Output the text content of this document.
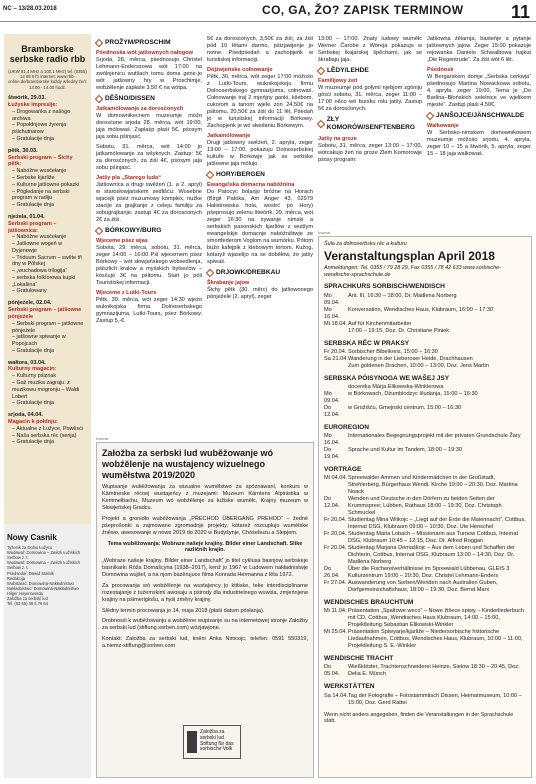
NC – 13/28.03.2018	CO, GA, ŽO? ZAPISK TERMINOW	11
Bramborske serbske radio rbb
(UKW 91,4 MHz a 100,1 MHz) tel. (0355) 14 99 671 internet: www.rbb-online.de/bramborske kuždy wšedny źeń: 13.00 - 14.00 hodź.
štwórtk, 29.03.
Łužyske impresije:
– Drogowańka z našogo archiwa
– Popołdnjowe źyrenja pśichutnarow
– Gratulacije dnja
pětk, 30.03.
Serbski program – Śichy pětk:
– Nabóžne wusćełanje
– Serbske kjarliže
– Kulturne jatšowne pokazki
– Pógledanje na serbski program w radiju
– Gratulacije dnja
njeźela, 01.04.
Serbski program – jatšownica:
– Nabóžne wusćełanje
– Jatšowne wogeń w Dyjenowje
– Triduum Sacrum – swěte tři dny w Pólskej
– „wuchadowa trilogija“
– serbska folklorowa kupki „Lokašina“
– Gratulowany
pónjeźele, 02.04.
Serbski program – jatšowne pónjeźele
– Serbski program – jatšowne pónjeźele
– jatšowne spiwanje w Popojcach
– Gratulacije dnja
wałtora, 03.04.
Kulturny magacin:
– Kulturny pśiznak
– Gaž muzika zagraju: z muzikowu mogronju – Waldi Lobert
– Gratulacije dnja
srjoda, 04.04.
Magacin k połdnju:
– Aktualne z Łužyce, Powěsći
– Naša serbska rěc (serija)
– Gratulacije dnja
Nowy Casnik
Tyźenik za Dolnu Łužycu
Wudawaŕ: Domowina – Zwězk Łužiskich Serbow z. t.
Wudawaŕ: Domowina – Zwězk Łužiskich Serbow z. t.
Pśedsedaŕ: Dawid Statnik
Redakcija
Wobstarać: Domowina-Nakładnistwo
Nakładnistwo: Domowina-Nakładnistwo
Hilger Hoyerswerda
Załožba za serbski lud
Tel. (03 55) 48 5 76 64
PROŽYM/PROSCHIM
Pśednoska wót jatšownych nałogow

Srjoda, 28. měrca, pśednosujo Christel Lehmann-Enderssowa wót 17:00 na zwólnjenicu wutšach tomu doma gene-jo wót jatšowny hry w Proschimje, wobźělenje zapłaśe 3,50 € na wótpa.

DĚŠNO/DISSEN
Jatkamólowanje za dorosćonych

W domownikecnem muzeumje móžo dorosćone srjoda 28. měrca, wót 19:00, jaja mólowaś. Zaplaśp płaśi 5€, pśosym jaja sobu pśinjasć.

Sobotu, 31. měrca, wót 14:00 jo jatkamólowanje za wšyknych. Zastup: 5€ za dorosćonych, za źiśi 4€, pśosym jaja sobu pśinjasć.

Jatšy pla „Starego luda“

Jatšownica a drugi swěźeń (1. a 2. apryl) w starosłowjańskem sedlišću: Wosebne wjacejk pśez muzumowy komplex, nuźke stacije za grajkanje z celeju familiju za sobugrajkanje; zastup 4€ za dorosćonych 2€ za źiśi.

BÓRKOWY/BURG
Wjeceme pśez wjas

Sobota, 29. měrca, sobotu, 31. měrca, zeger 14:00 – 16:00 Pśi wjecernem pśez Bórkowy – wót słowjańskego wobsedlenja, pśiszlich kralow a myśskich bytosćow – kósćujo 3€ na pśitomu. Start jo póli Touristiskej informacji.

Wjeceme z Lutki-Tours

Pětk, 30. měrca, wót zeger 14:30 wjeźo wuknikojska firma Dolnoserbskego gymnazijuma, Lutki-Tours, pśez Bórkowy. Zastup 5,-€.

5€ za dorosćonych, 3,50€ za źiśi, za źiśi pód 10 lětami darmo, pśizjawjenje jo notne. Pśedpśedań a zachopjeńk w turistiskej informaciji.

Dojźwjeńske cołnowanje

Pětk, 30. měrca, wót zeger 17:00 móžośo z Lutki-Tours, wuknikojskeju firmu Dolnoserbskego gymnazijuma, cołnowaś. Cołnowanje traj 2 mjeńjny ganki, kšebom, cukorom a tanom wjele zon 24,50€ na pśitomu, 20,50€ za źiśi do 11 lět. Pśedań jo w turistiskej informaciji Bórkowy. Zachopjeńk je wó słwołaniu Bórkowym.

Jatkamólowanje

Drugi jatšowny swěźeń, 2. apryla, zeger 13:00 – 17:00, pokazuju Dolnoserbskiej kultuře w Bórkowje jak se serbske jatšowne jaja mólujo.

HORY/BERGEN
Ewangelska domacna nabóžnina

Do Patocyc bolanjo bróźne na Horach (Birgit Patoka, Am Anger 43, 02979 Halistrowska hola, wostrć pó Hory) pśeprosujo zelenu štwórtk, 29. měrca, wót zeger 16:30 na sywanje nimski a serbskich pasonskich kjarliów z wutšym ewangelskje domacnje nabóźništwje ze smortfederom Voglom na wumórku. Pótom bužo kafejpik z klebowym tortom. Kužog, kótaryž wjaselijo na se doběłów, źo jatšy spiwaś.

DRJOWK/DREBKAU
Škrabanje jajow

Šichy pětk (30. měrc) do jatšowonego pónjeźele (2. apryl), zeger

13:00 – 17:00. Znaty ludowy wuměłc Werner Čarobe z Wóreja pokazujo w Serbskej tkajarskej špěcharni, jak se škrabaju jaja.

LĚDY/LEHDE
Familijowy źeń

W muzeumje pód gołymi njebjom zgóniju gósći sobotu, 31. měrca, zeger 11:00 – 17:00 něco wó bursku rolu jatšy. Zastup 5€ za dorosćonych.

ZŁY KOMORÓW/SENFTENBERG
Jatšy na groze

Sobotu, 31. měrca, zeger 13:00 – 17:00, wótcakujo žeń na groze Zlem Komorowje pśosy program:

Jatšowna źělarnja, basteńje a pytanje jatšownych jajow. Zeger 15:00 pokazuje rejowanka Danielo Schwalbowa hajkut „Die Regentrude“. Za źiśi wót 6 lět.

Pśednosk

W Bergarskem domje „Serbska cerkwja“ pśednosujo Martina Nowackowa sobotu, 4. apryla, zeger 19:00, Tema je „Do Barlina–Błońskich selelnice ve wjelikem mjeste“. Zastup płaśi 4,50€.

JANŠOJCE/JÄNSCHWALDE
Walkowanje

W Serbsko-nimskem domownikowem muzeumje móžośo srjodu, 4. apryla, zeger 10 – 15 a štwórtk, 5. apryla, zeger 15 – 18 jaja walkowaś.

Inserat
Załožba za serbski lud wuběžowanje wó wobźělenje na wustajency wizuelnego wuměłstwa 2019/2020

Wupisanje wuběžowanja za wizualne wuměłstwo za spóznawaní, konkurs w Kärntneske rěcnej wustajeńcy z muzejami: Muzeum Kärntens Alpinistika w Kemmelbachu, Muzeum wó wobźělenje za łužiske wuměłc, Krajny muzeum w Słowjeńskej Gradcu.

Projekt a gronidło wuběžowanja „PŘECHOD ÜBERGANG PREHOD“ – žedné pśeprošonki a zajmowane zgromadnje projekty, kótarež rozcuplujo wuměłske žněwo, awesowanje w nowe 2019 do 2020 w Budyšynje, Chóśebuzu a Slepjem.

Tema wuběžowanja: Wobraze našeje krajiny. Bilder einer Landschaft. Slike različnih krajin.

„Wobraze našeje krajiny. Bilder einer Landschaft“ jo titel cyklusa basnjow serbskeje basnikarki Róža Domašcyna (1938–2017), kenž jo 1967 w Ludowem nakładnistwje Domowina wujšeł, a na njom bazěrujuce filma Konrada Hermanna z lěta 1972.

Za procowanja wó wobźělenje na wustajency jo ktitiske, teke interdisciplinarne rozestajanje z tuźemskimi awosaju a pśirody dla industrielnego wuwiśa, zmjeńnjene krajiny na pśimeriglošu, a hyśi změny krajiny.

Slědny termin procowanja jo 14. maja 2018 (płaśi datum pósłanja).

Drobnosći k wuběžowanju a wobźěrne wupisanje su na internetowej stronje Załožby za serbski lud (stiftung.sorben.com) wózjawjone.

Kontakt: Załožba za serbski lud, kněni Anka Nimcojc, telefon: 0591 550319, a.niemz-stiftung@sorben.com

Załožba za serbski lud Stiftung für das sorbische Volk
Inserat
Šula za dolnoserbsku rěc a kulturu
Veranstaltungsplan April 2018
Anmeldungen: Tel. 0355 / 79 28 29, Fax 0355 / 78 42 633 www.sorbische-wendische-sprachschule.de
SPRACHKURS SORBISCH/WENDISCH
Mo 09.04.
Ant. III, 16:30 – 18:00, Dr. Madlena Norberg
Mo 16.04.
Konversation, Wendisches Haus, Klubraum, 16:00 – 17:30
Mi 18.04. Auf für Kirchenmitarbeiter
17:00 – 19:15, Doz. Dr. Christiane Piniek
SERBSKA RĚC W PRAKSY
Fr 20.04. Sorbischer Bibelkreis, 15:00 – 16:30
Sa 21.04. Wanderung in der Lieberoser Heide, Drachhausen
Zum goldenen Drachen, 10:00 – 13:00, Doz. Jens Martin
SERBSKA PÓISYNOGA WE WAŠEJ JSY
docentka Márja Elikowska-Winklerowa
Mo 09.04.
w Bórkowach, Dźumblodzyc šludanja, 15:00 – 16:30
Do 12.04.
w Grožišću, Gmejnski centrum, 15:00 – 16:30
EUROREGION
Mo 16.04.
Internationales Begegnungsprojekt mit der privaten Grundschule Žary
Do 19.04.
Sprache und Kultur im Tandem, 18:00 – 19:30
VORTRÄGE
Mi 04.04. Spreewälder Ammen und Kindermädchen in der Großstadt, Strehlerberg, Bürgerhaus Wendi. Kirche 19:00 – 20:30, Doz. Martina Noack
Do 12.04.
Wenden und Deutsche in den Dörfern zu beiden Seiten der Krummspree; Lübben, Rathaus 18:00 – 19:30, Doz. Christoph Schmuckel
Fr 20.04. Studientag Mina Witkojc – „Liegt auf der Erde die Maiennacht“, Cottbus, Internat DSG, Klubraum 09:00 – 10:30, Doz. Ute Henschel
Fr 20.04. Studientag Maria Lobach – Missionarin aus Turnow Cottbus, Internat DSG, Klubraum 10:45 – 12:15, Doz. Dr. Alfred Roggan
Fr 20.04. Studientag Marjana Domaškojc – Aus dem Leben und Schaffen der Dichterin, Cottbus, Internat DSG, Klubraum 13:00 – 14:30, Doz. Dr. Madlena Norberg
Do 26.04.
Über die Fischereiverhältnisse im Spreewald Lübbenau, GLEIS 3 Kulturzentrum 19:00 – 20:30, Doz. Christel Lehmann-Enders
Fr 27.04. Auswanderung von Sorben/Wenden nach Australien Guben, Dorfgemeinschaftshaus, 18:00 – 19:30, Doz. Bernd Marx
WENDISCHES BRAUCHTUM
Mi 11.04. Präsentation „Spaltowe weco“ – Nowe žišece spiwy – Kinderliederbuch mit CD, Cottbus, Wendisches Haus Klubraum, 14:00 – 15:00, Projektleitung Sebastian Elikowski-Winkler
Mi 25.04. Präsentation Spiwyarje/kjarliže – Niedersorbische historische Liedaufnahmen, Cottbus, Wendisches Haus, Klubraum, 10:00 – 11:00, Projektleitung S. E.-Winkler
WENDISCHE TRACHT
Do 05.04.
Wießklöster, Trachtenschneiderei Heinze, Sielow 18:30 – 20:45, Doz. Delia E. Münch
WERKSTÄTTEN
Sa 14.04. Tag der Fotografie – Fotostammtisch Dissen, Heimatmuseum, 10:00 – 15:00, Doz. Gerd Rattei
Wenn nicht anders angegeben, finden die Veranstaltungen in der Sprachschule statt.
